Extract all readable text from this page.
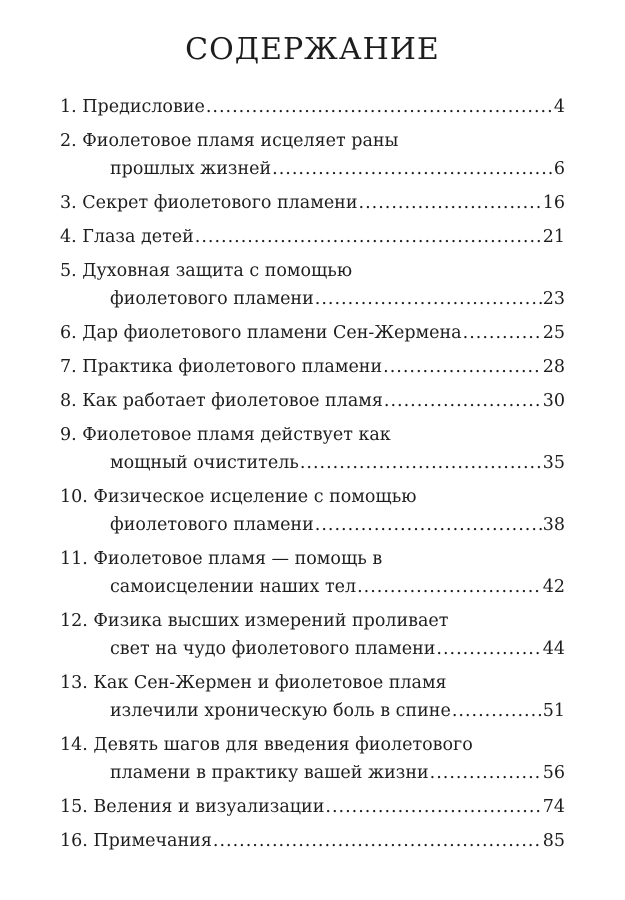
СОДЕРЖАНИЕ
1. Предисловие .....	4
2. Фиолетовое пламя исцеляет раны
прошлых жизней .....	6
3. Секрет фиолетового пламени .....	16
4. Глаза детей .....	21
5. Духовная защита с помощью
фиолетового пламени .....	23
6. Дар фиолетового пламени Сен-Жермена .....	25
7. Практика фиолетового пламени .....	28
8. Как работает фиолетовое пламя .....	30
9. Фиолетовое пламя действует как
мощный очиститель .....	35
10. Физическое исцеление с помощью
фиолетового пламени .....	38
11. Фиолетовое пламя — помощь в
самоисцелении наших тел .....	42
12. Физика высших измерений проливает
свет на чудо фиолетового пламени .....	44
13. Как Сен-Жермен и фиолетовое пламя
излечили хроническую боль в спине .....	51
14. Девять шагов для введения фиолетового
пламени в практику вашей жизни .....	56
15. Веления и визуализации .....	74
16. Примечания .....	85
